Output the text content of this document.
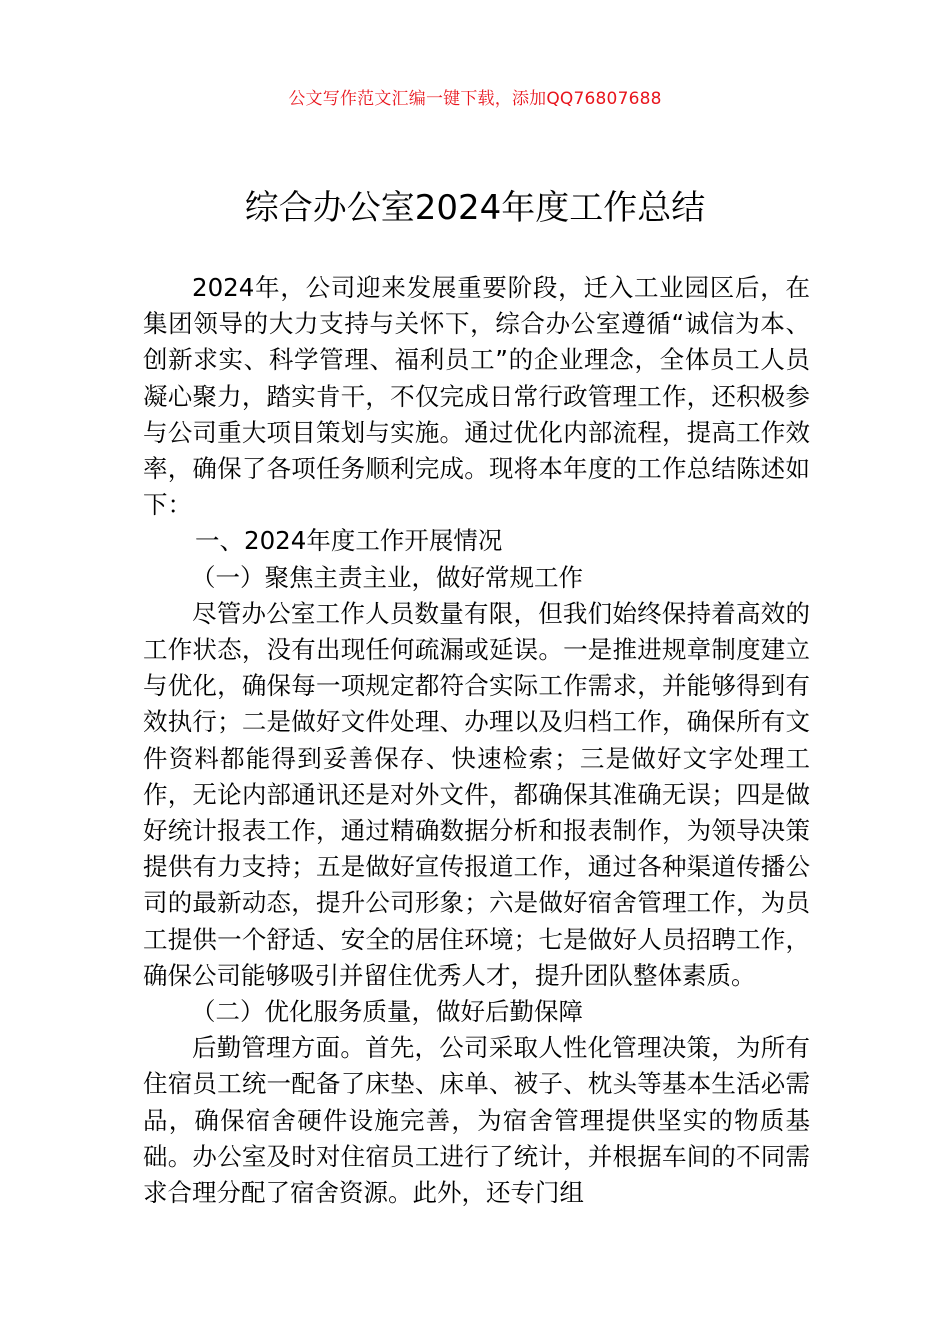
公文写作范文汇编一键下载，添加QQ76807688
综合办公室2024年度工作总结

2024年，公司迎来发展重要阶段，迁入工业园区后，在集团领导的大力支持与关怀下，综合办公室遵循“诚信为本、创新求实、科学管理、福利员工”的企业理念，全体员工人员凝心聚力，踏实肯干，不仅完成日常行政管理工作，还积极参与公司重大项目策划与实施。通过优化内部流程，提高工作效率，确保了各项任务顺利完成。现将本年度的工作总结陈述如下：

一、2024年度工作开展情况

（一）聚焦主责主业，做好常规工作

尽管办公室工作人员数量有限，但我们始终保持着高效的工作状态，没有出现任何疏漏或延误。一是推进规章制度建立与优化，确保每一项规定都符合实际工作需求，并能够得到有效执行；二是做好文件处理、办理以及归档工作，确保所有文件资料都能得到妥善保存、快速检索；三是做好文字处理工作，无论内部通讯还是对外文件，都确保其准确无误；四是做好统计报表工作，通过精确数据分析和报表制作，为领导决策提供有力支持；五是做好宣传报道工作，通过各种渠道传播公司的最新动态，提升公司形象；六是做好宿舍管理工作，为员工提供一个舒适、安全的居住环境；七是做好人员招聘工作，确保公司能够吸引并留住优秀人才，提升团队整体素质。

（二）优化服务质量，做好后勤保障

后勤管理方面。首先，公司采取人性化管理决策，为所有住宿员工统一配备了床垫、床单、被子、枕头等基本生活必需品，确保宿舍硬件设施完善，为宿舍管理提供坚实的物质基础。办公室及时对住宿员工进行了统计，并根据车间的不同需求合理分配了宿舍资源。此外，还专门组
